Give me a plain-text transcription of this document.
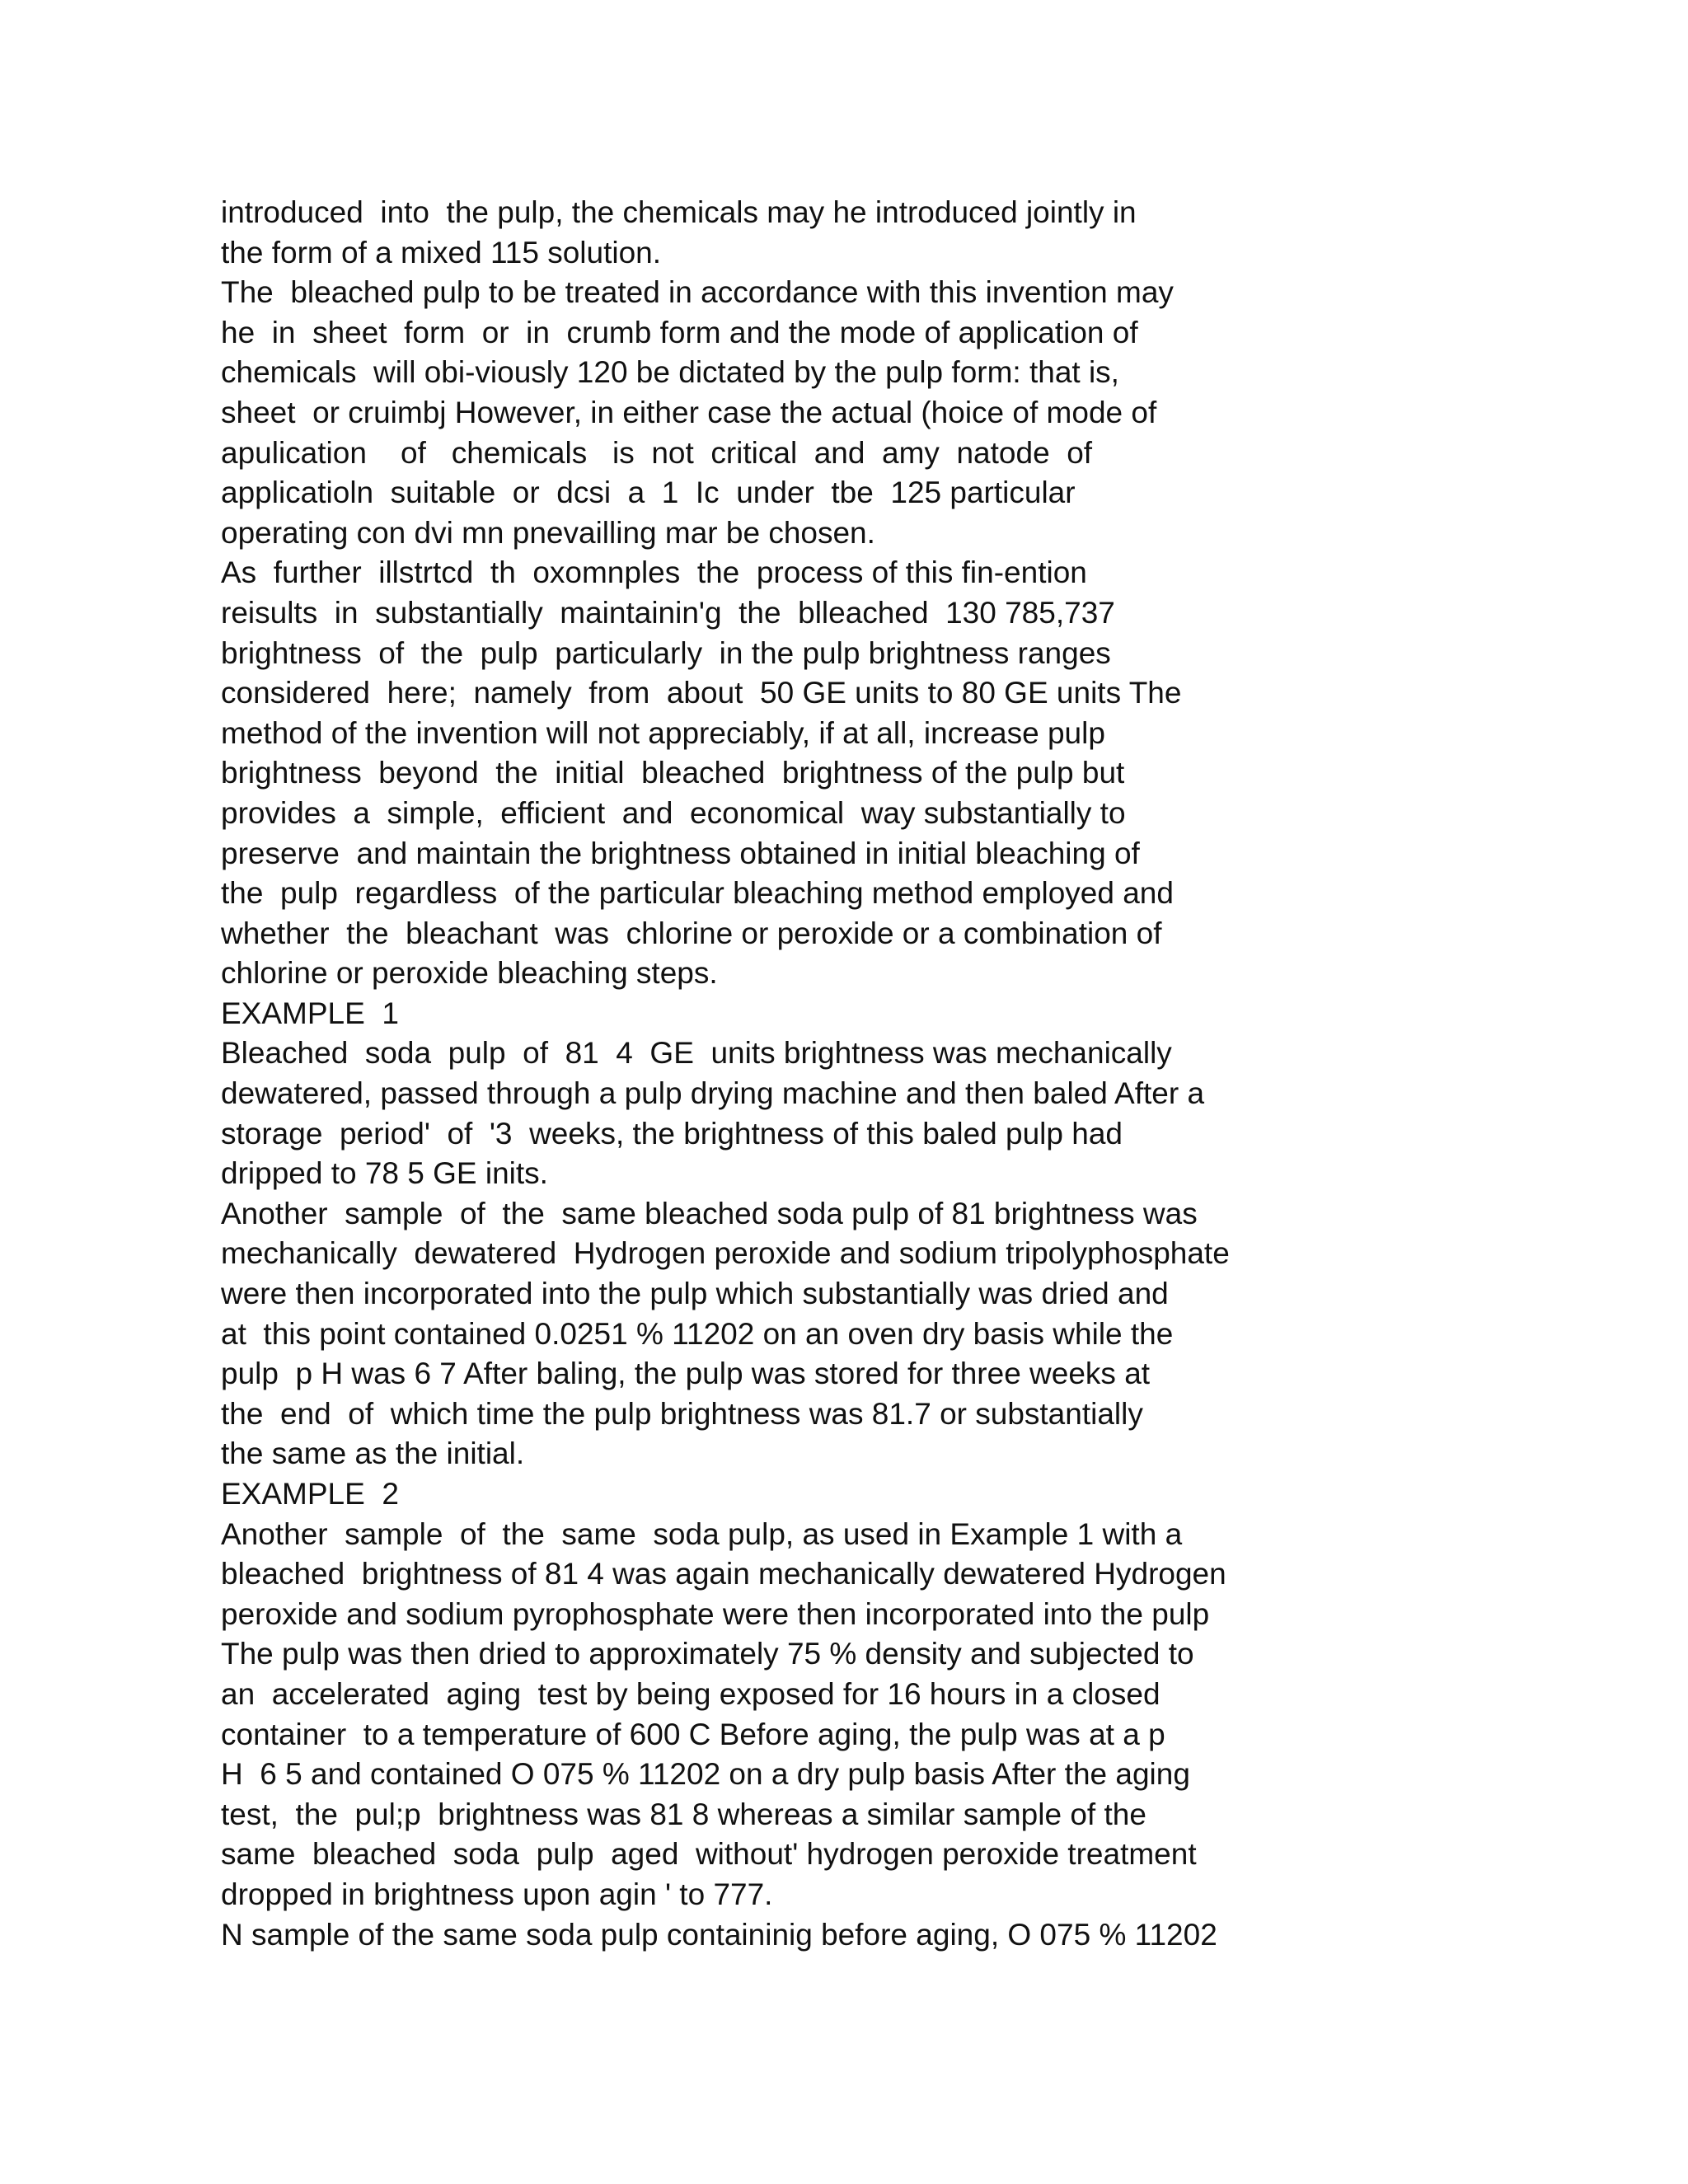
introduced  into  the pulp, the chemicals may he introduced jointly in
the form of a mixed 115 solution.
The  bleached pulp to be treated in accordance with this invention may
he  in  sheet  form  or  in  crumb form and the mode of application of
chemicals  will obi-viously 120 be dictated by the pulp form: that is,
sheet  or cruimbj However, in either case the actual (hoice of mode of
apulication    of   chemicals   is  not  critical  and  amy  natode  of
applicatioln  suitable  or  dcsi  a  1  Ic  under  tbe  125 particular
operating con dvi mn pnevailling mar be chosen.
As  further  illstrtcd  th  oxomnples  the  process of this fin-ention
reisults  in  substantially  maintainin'g  the  blleached  130 785,737
brightness  of  the  pulp  particularly  in the pulp brightness ranges
considered  here;  namely  from  about  50 GE units to 80 GE units The
method of the invention will not appreciably, if at all, increase pulp
brightness  beyond  the  initial  bleached  brightness of the pulp but
provides  a  simple,  efficient  and  economical  way substantially to
preserve  and maintain the brightness obtained in initial bleaching of
the  pulp  regardless  of the particular bleaching method employed and
whether  the  bleachant  was  chlorine or peroxide or a combination of
chlorine or peroxide bleaching steps.
EXAMPLE  1
Bleached  soda  pulp  of  81  4  GE  units brightness was mechanically
dewatered, passed through a pulp drying machine and then baled After a
storage  period'  of  '3  weeks, the brightness of this baled pulp had
dripped to 78 5 GE inits.
Another  sample  of  the  same bleached soda pulp of 81 brightness was
mechanically  dewatered  Hydrogen peroxide and sodium tripolyphosphate
were then incorporated into the pulp which substantially was dried and
at  this point contained 0.0251 % 11202 on an oven dry basis while the
pulp  p H was 6 7 After baling, the pulp was stored for three weeks at
the  end  of  which time the pulp brightness was 81.7 or substantially
the same as the initial.
EXAMPLE  2
Another  sample  of  the  same  soda pulp, as used in Example 1 with a
bleached  brightness of 81 4 was again mechanically dewatered Hydrogen
peroxide and sodium pyrophosphate were then incorporated into the pulp
The pulp was then dried to approximately 75 % density and subjected to
an  accelerated  aging  test by being exposed for 16 hours in a closed
container  to a temperature of 600 C Before aging, the pulp was at a p
H  6 5 and contained O 075 % 11202 on a dry pulp basis After the aging
test,  the  pul;p  brightness was 81 8 whereas a similar sample of the
same  bleached  soda  pulp  aged  without' hydrogen peroxide treatment
dropped in brightness upon agin ' to 777.
N sample of the same soda pulp containinig before aging, O 075 % 11202
